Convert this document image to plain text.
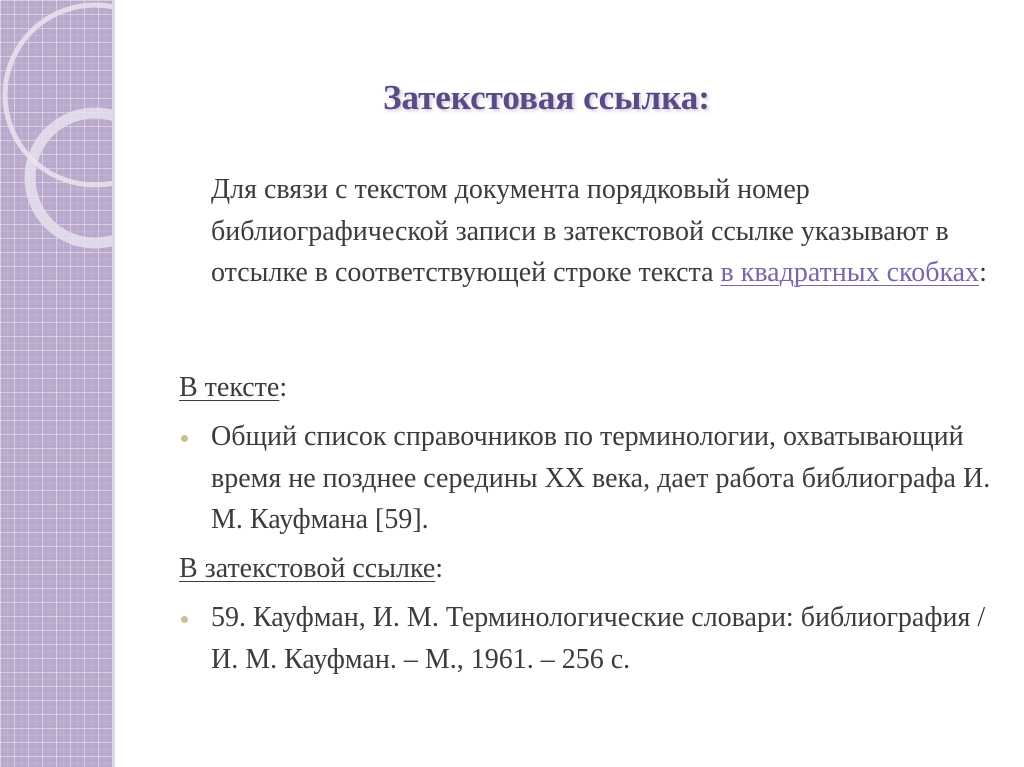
Затекстовая ссылка:

Для связи с текстом документа порядковый номер библиографической записи в затекстовой ссылке указывают в отсылке в соответствующей строке текста в квадратных скобках:

В тексте:

Общий список справочников по терминологии, охватывающий время не позднее середины XX века, дает работа библиографа И. М. Кауфмана [59].

В затекстовой ссылке:

59. Кауфман, И. М. Терминологические словари: библиография / И. М. Кауфман. – М., 1961. – 256 с.
